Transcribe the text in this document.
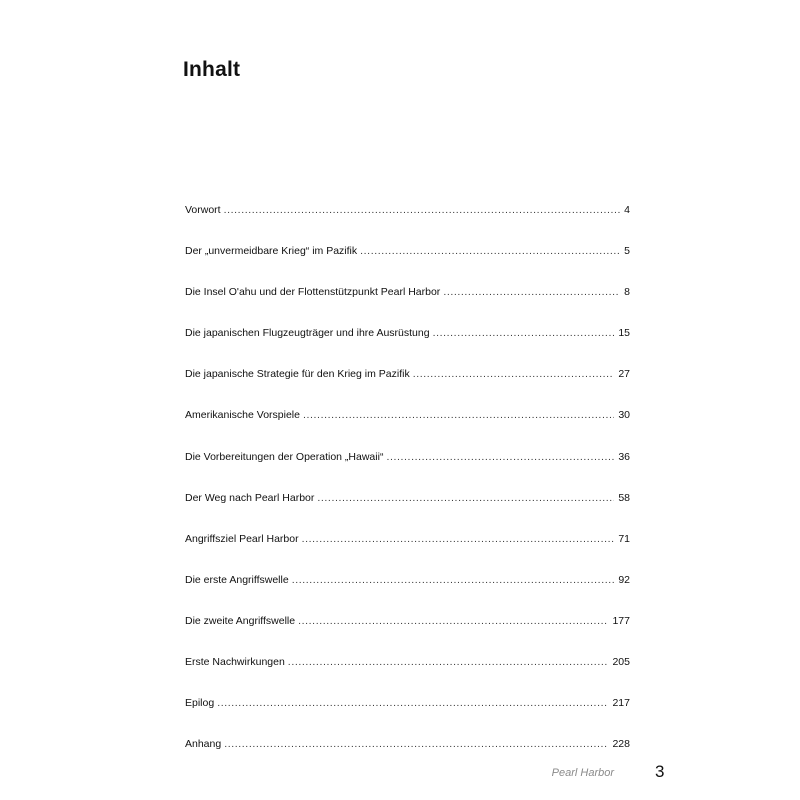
Inhalt
Vorwort .....	4
Der „unvermeidbare Krieg“ im Pazifik .....	5
Die Insel O'ahu und der Flottenstützpunkt Pearl Harbor .....	8
Die japanischen Flugzeugträger und ihre Ausrüstung .....	15
Die japanische Strategie für den Krieg im Pazifik .....	27
Amerikanische Vorspiele .....	30
Die Vorbereitungen der Operation „Hawaii“ .....	36
Der Weg nach Pearl Harbor .....	58
Angriffsziel Pearl Harbor .....	71
Die erste Angriffswelle .....	92
Die zweite Angriffswelle .....	177
Erste Nachwirkungen .....	205
Epilog .....	217
Anhang .....	228
Pearl Harbor 3
